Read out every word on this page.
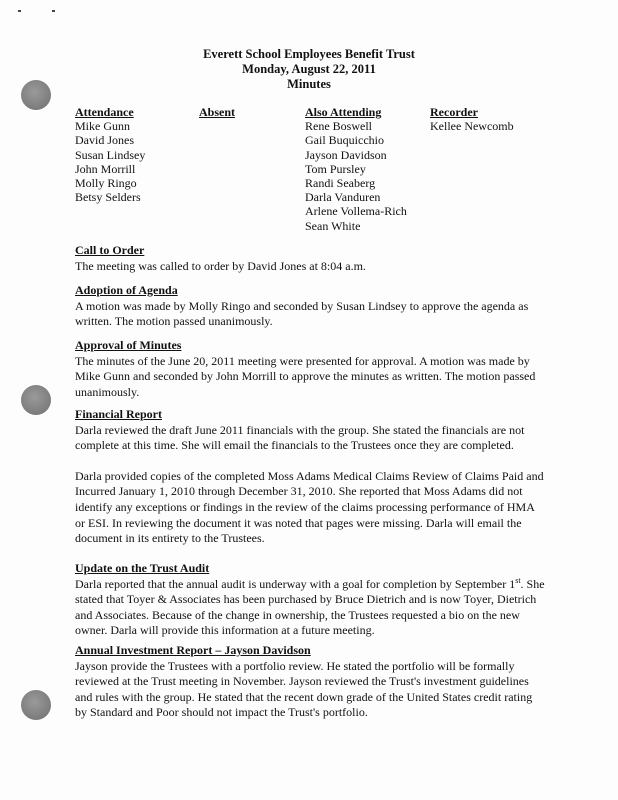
Everett School Employees Benefit Trust
Monday, August 22, 2011
Minutes
Attendance
Mike Gunn
David Jones
Susan Lindsey
John Morrill
Molly Ringo
Betsy Selders
Absent	Also Attending
Rene Boswell
Gail Buquicchio
Jayson Davidson
Tom Pursley
Randi Seaberg
Darla Vanduren
Arlene Vollema-Rich
Sean White
Recorder
Kellee Newcomb
Call to Order

The meeting was called to order by David Jones at 8:04 a.m.

Adoption of Agenda

A motion was made by Molly Ringo and seconded by Susan Lindsey to approve the agenda as written. The motion passed unanimously.

Approval of Minutes

The minutes of the June 20, 2011 meeting were presented for approval. A motion was made by Mike Gunn and seconded by John Morrill to approve the minutes as written. The motion passed unanimously.

Financial Report

Darla reviewed the draft June 2011 financials with the group. She stated the financials are not complete at this time. She will email the financials to the Trustees once they are completed.

Darla provided copies of the completed Moss Adams Medical Claims Review of Claims Paid and Incurred January 1, 2010 through December 31, 2010. She reported that Moss Adams did not identify any exceptions or findings in the review of the claims processing performance of HMA or ESI. In reviewing the document it was noted that pages were missing. Darla will email the document in its entirety to the Trustees.

Update on the Trust Audit

Darla reported that the annual audit is underway with a goal for completion by September 1st. She stated that Toyer & Associates has been purchased by Bruce Dietrich and is now Toyer, Dietrich and Associates. Because of the change in ownership, the Trustees requested a bio on the new owner. Darla will provide this information at a future meeting.

Annual Investment Report – Jayson Davidson

Jayson provide the Trustees with a portfolio review. He stated the portfolio will be formally reviewed at the Trust meeting in November. Jayson reviewed the Trust's investment guidelines and rules with the group. He stated that the recent down grade of the United States credit rating by Standard and Poor should not impact the Trust's portfolio.
